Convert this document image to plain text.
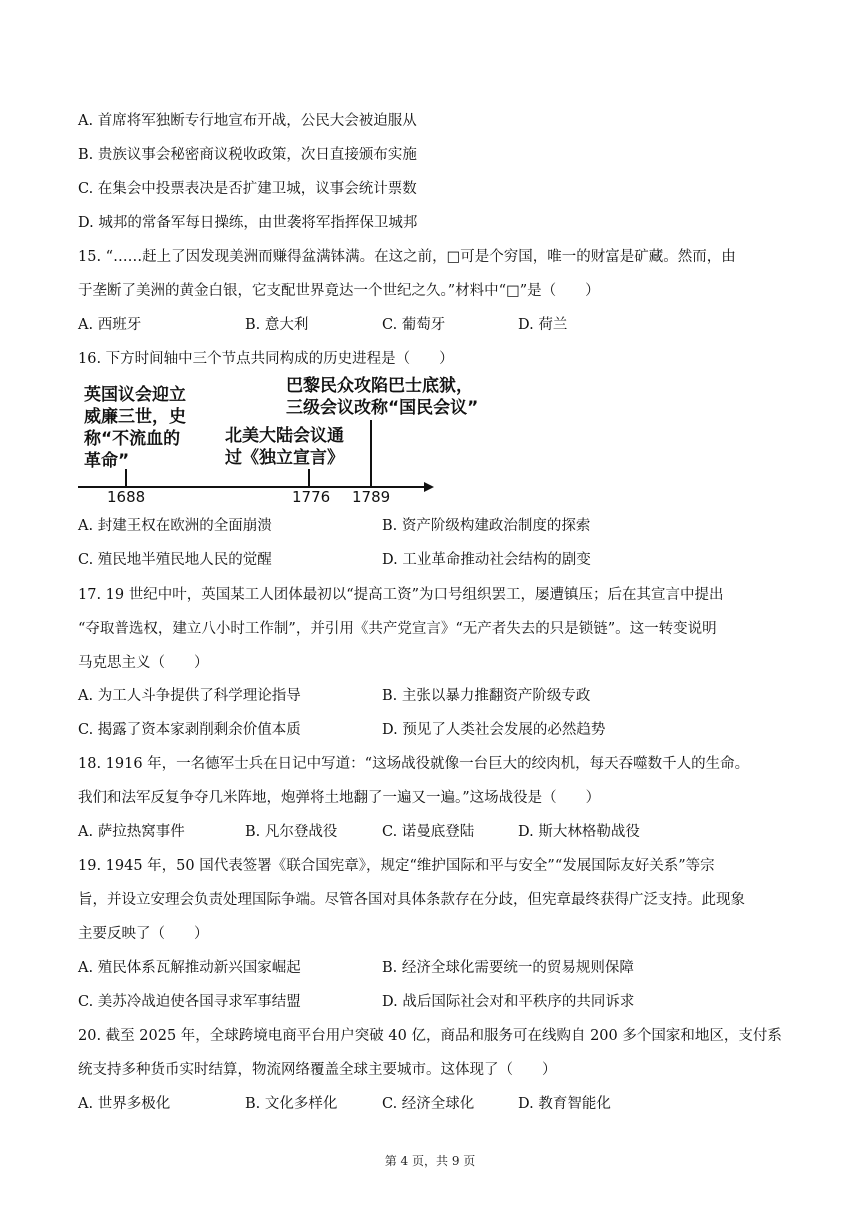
A. 首席将军独断专行地宣布开战，公民大会被迫服从
B. 贵族议事会秘密商议税收政策，次日直接颁布实施
C. 在集会中投票表决是否扩建卫城，议事会统计票数
D. 城邦的常备军每日操练，由世袭将军指挥保卫城邦
15. “……赶上了因发现美洲而赚得盆满钵满。在这之前，□可是个穷国，唯一的财富是矿藏。然而，由
于垄断了美洲的黄金白银，它支配世界竟达一个世纪之久。”材料中“□”是（　　）
A. 西班牙	B. 意大利	C. 葡萄牙	D. 荷兰
16. 下方时间轴中三个节点共同构成的历史进程是（　　）
英国议会迎立
威廉三世，史
称“不流血的
革命”
北美大陆会议通
过《独立宣言》
巴黎民众攻陷巴士底狱，
三级会议改称“国民会议”
1688	1776 1789
A. 封建王权在欧洲的全面崩溃	B. 资产阶级构建政治制度的探索
C. 殖民地半殖民地人民的觉醒	D. 工业革命推动社会结构的剧变
17. 19 世纪中叶，英国某工人团体最初以“提高工资”为口号组织罢工，屡遭镇压；后在其宣言中提出
“夺取普选权，建立八小时工作制”，并引用《共产党宣言》“无产者失去的只是锁链”。这一转变说明
马克思主义（　　）
A. 为工人斗争提供了科学理论指导	B. 主张以暴力推翻资产阶级专政
C. 揭露了资本家剥削剩余价值本质	D. 预见了人类社会发展的必然趋势
18. 1916 年，一名德军士兵在日记中写道：“这场战役就像一台巨大的绞肉机，每天吞噬数千人的生命。
我们和法军反复争夺几米阵地，炮弹将土地翻了一遍又一遍。”这场战役是（　　）
A. 萨拉热窝事件	B. 凡尔登战役	C. 诺曼底登陆	D. 斯大林格勒战役
19. 1945 年，50 国代表签署《联合国宪章》，规定“维护国际和平与安全”“发展国际友好关系”等宗
旨，并设立安理会负责处理国际争端。尽管各国对具体条款存在分歧，但宪章最终获得广泛支持。此现象
主要反映了（　　）
A. 殖民体系瓦解推动新兴国家崛起	B. 经济全球化需要统一的贸易规则保障
C. 美苏冷战迫使各国寻求军事结盟	D. 战后国际社会对和平秩序的共同诉求
20. 截至 2025 年，全球跨境电商平台用户突破 40 亿，商品和服务可在线购自 200 多个国家和地区，支付系
统支持多种货币实时结算，物流网络覆盖全球主要城市。这体现了（　　）
A. 世界多极化	B. 文化多样化	C. 经济全球化	D. 教育智能化
第 4 页，共 9 页
